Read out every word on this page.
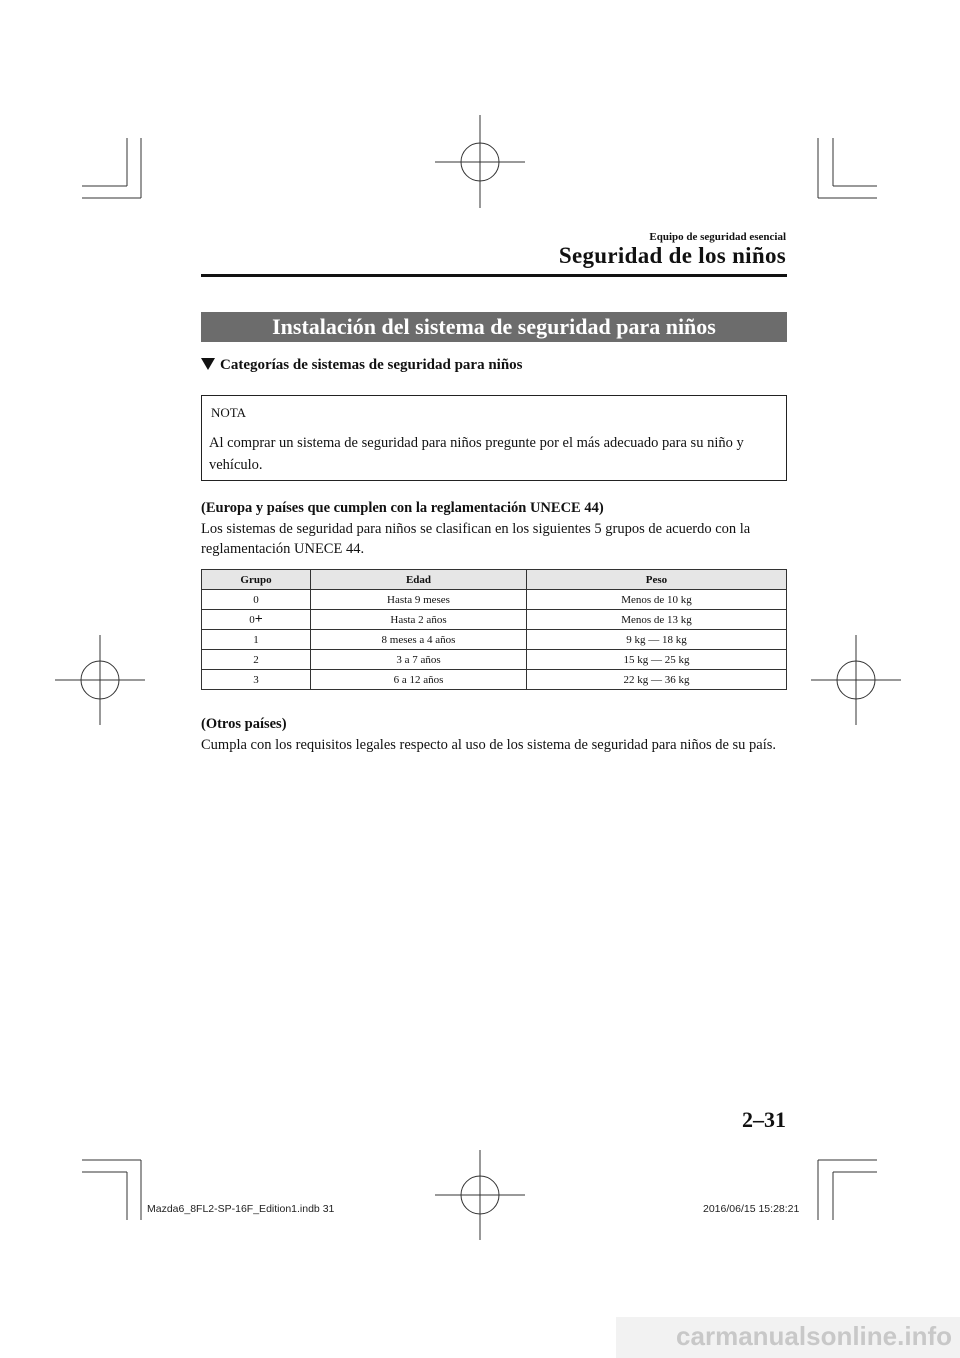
Equipo de seguridad esencial
Seguridad de los niños
Instalación del sistema de seguridad para niños
Categorías de sistemas de seguridad para niños
NOTA
Al comprar un sistema de seguridad para niños pregunte por el más adecuado para su niño y vehículo.
(Europa y países que cumplen con la reglamentación UNECE 44)
Los sistemas de seguridad para niños se clasifican en los siguientes 5 grupos de acuerdo con la reglamentación UNECE 44.
Grupo	Edad	Peso
0	Hasta 9 meses	Menos de 10 kg
0+	Hasta 2 años	Menos de 13 kg
1	8 meses a 4 años	9 kg — 18 kg
2	3 a 7 años	15 kg — 25 kg
3	6 a 12 años	22 kg — 36 kg
(Otros países)
Cumpla con los requisitos legales respecto al uso de los sistema de seguridad para niños de su país.
2–31
Mazda6_8FL2-SP-16F_Edition1.indb 31	2016/06/15 15:28:21
carmanualsonline.info
